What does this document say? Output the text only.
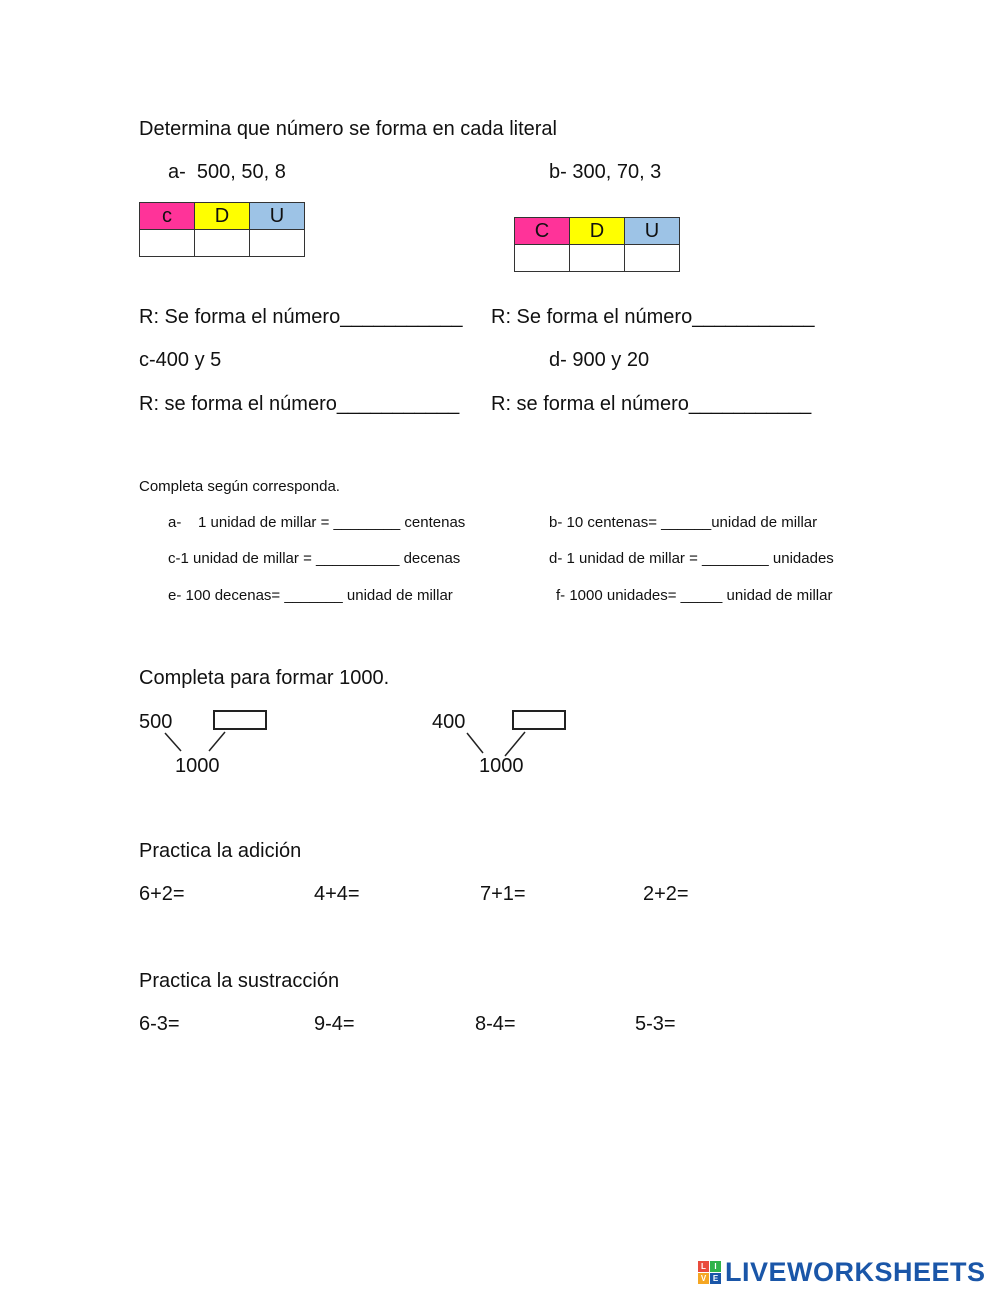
Determina que número se forma en cada literal
a-  500, 50, 8	b- 300, 70, 3
c	D	U

C	D	U

R: Se forma el número___________ R: Se forma el número___________
c-400 y 5	d- 900 y 20
R: se forma el número___________ R: se forma el número___________
Completa según corresponda.
a-    1 unidad de millar = ________ centenas	b- 10 centenas= ______unidad de millar
c-1 unidad de millar = __________ decenas	d- 1 unidad de millar = ________ unidades
e- 100 decenas= _______ unidad de millar	f- 1000 unidades= _____ unidad de millar
Completa para formar 1000.
500
1000
400
1000
Practica la adición
6+2=	4+4=	7+1=	2+2=
Practica la sustracción
6-3=	9-4=	8-4=	5-3=
L	I
V E LIVEWORKSHEETS
